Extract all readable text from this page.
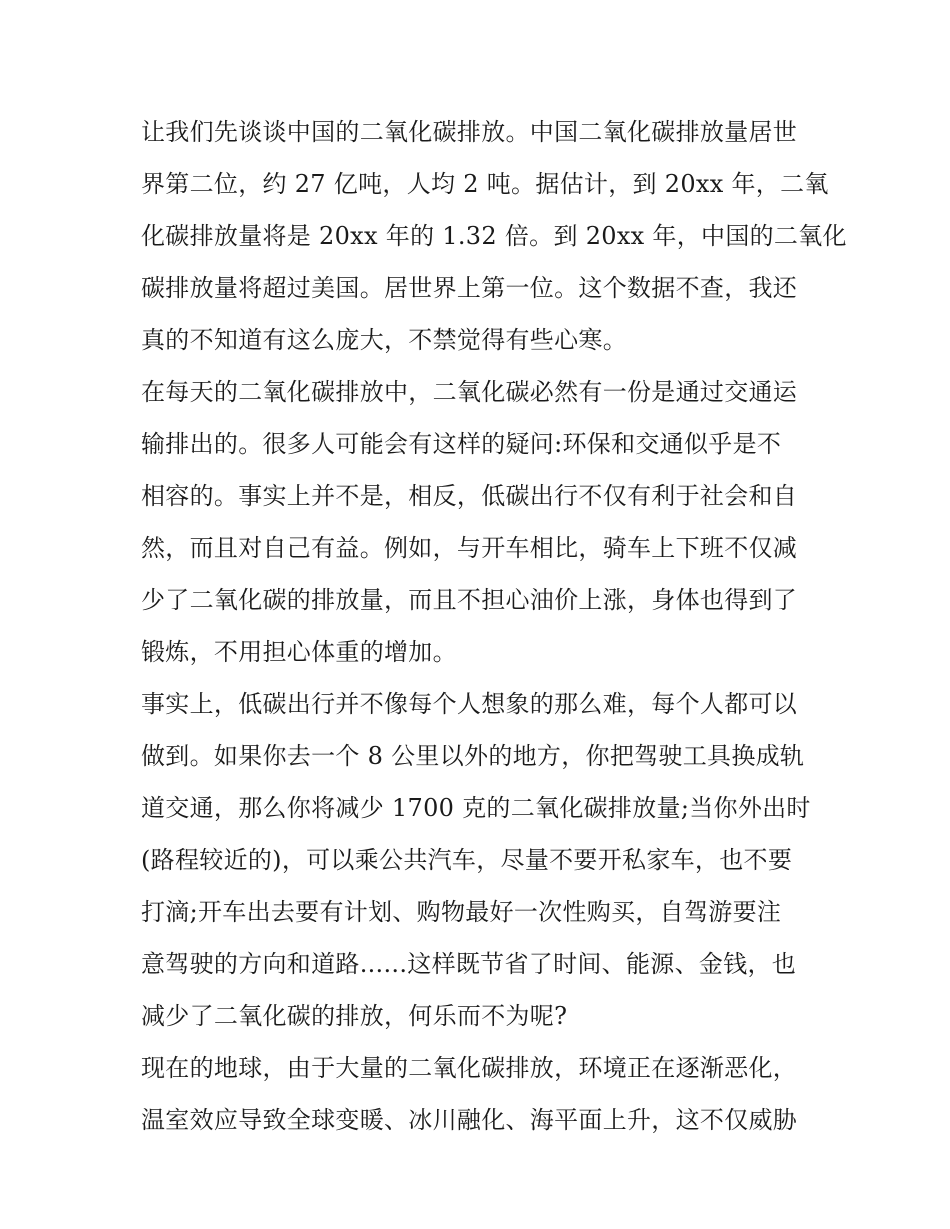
让我们先谈谈中国的二氧化碳排放。中国二氧化碳排放量居世
界第二位，约 27 亿吨，人均 2 吨。据估计，到 20xx 年，二氧
化碳排放量将是 20xx 年的 1.32 倍。到 20xx 年，中国的二氧化
碳排放量将超过美国。居世界上第一位。这个数据不查，我还
真的不知道有这么庞大，不禁觉得有些心寒。
在每天的二氧化碳排放中，二氧化碳必然有一份是通过交通运
输排出的。很多人可能会有这样的疑问:环保和交通似乎是不
相容的。事实上并不是，相反，低碳出行不仅有利于社会和自
然，而且对自己有益。例如，与开车相比，骑车上下班不仅减
少了二氧化碳的排放量，而且不担心油价上涨，身体也得到了
锻炼，不用担心体重的增加。
事实上，低碳出行并不像每个人想象的那么难，每个人都可以
做到。如果你去一个 8 公里以外的地方，你把驾驶工具换成轨
道交通，那么你将减少 1700 克的二氧化碳排放量;当你外出时
(路程较近的)，可以乘公共汽车，尽量不要开私家车，也不要
打滴;开车出去要有计划、购物最好一次性购买，自驾游要注
意驾驶的方向和道路......这样既节省了时间、能源、金钱，也
减少了二氧化碳的排放，何乐而不为呢?
现在的地球，由于大量的二氧化碳排放，环境正在逐渐恶化，
温室效应导致全球变暖、冰川融化、海平面上升，这不仅威胁
